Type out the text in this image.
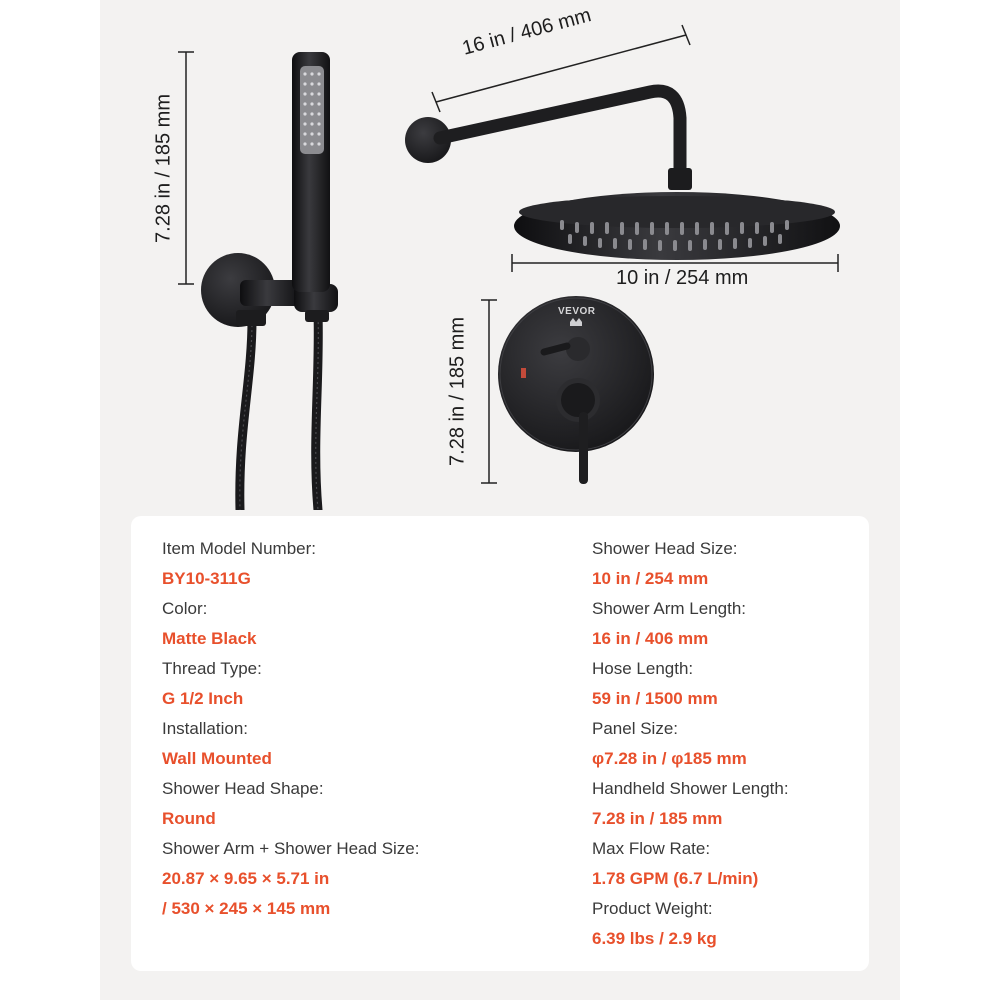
7.28 in / 185 mm
16 in / 406 mm
10 in / 254 mm
7.28 in / 185 mm
VEVOR
Item Model Number:
BY10-311G
Color:
Matte Black
Thread Type:
G 1/2 Inch
Installation:
Wall Mounted
Shower Head Shape:
Round
Shower Arm + Shower Head Size:
20.87 × 9.65 × 5.71 in
/ 530 × 245 × 145 mm
Shower Head Size:
10 in / 254 mm
Shower Arm Length:
16 in / 406 mm
Hose Length:
59 in / 1500 mm
Panel Size:
φ7.28 in / φ185 mm
Handheld Shower Length:
7.28 in / 185 mm
Max Flow Rate:
1.78 GPM (6.7 L/min)
Product Weight:
6.39 lbs / 2.9 kg
